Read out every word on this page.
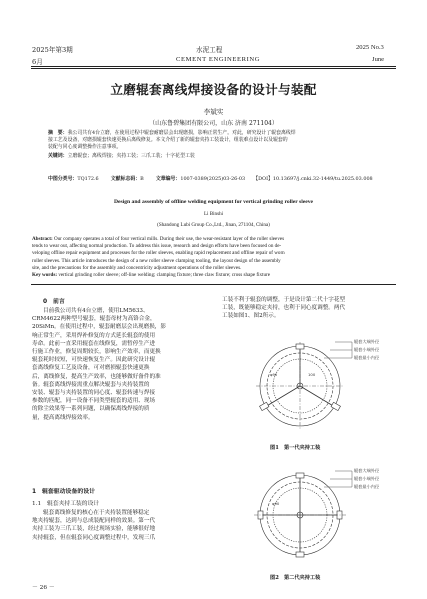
2025年第3期
6月
水泥工程
CEMENT ENGINEERING
2025 No.3
June
立磨辊套离线焊接设备的设计与装配
李斌实
（山东鲁碧集团有限公司，山东 济南 271104）
摘　要：我公司共有4台立磨，在使用过程中辊套耐磨层会出现磨损，影响正常生产。对此，研究设计了辊套离线焊
接工艺及设备，对磨损辊套快速更换后离线修复。本文介绍了新的辊套夹持工装设计，组装难点设计以及辊套的
装配与同心度调整操作注意事项。
关键词：立磨辊套；离线焊接；夹持工装；三爪工装；十字花型工装
中图分类号：TQ172.6 文献标志码：B 文章编号：1007-0389(2025)03-26-03 【DOI】10.13697/j.cnki.32-1449/tu.2025.03.008
Design and assembly of offline welding equipment for vertical grinding roller sleeve
Li Binshi
(Shandong Lubi Group Co.,Ltd., Jinan, 271104, China)
Abstract: Our company operates a total of four vertical mills. During their use, the wear-resistant layer of the roller sleeves
tends to wear out, affecting normal production. To address this issue, research and design efforts have been focused on de-
veloping offline repair equipment and processes for the roller sleeves, enabling rapid replacement and offline repair of worn
roller sleeves. This article introduces the design of a new roller sleeve clamping tooling, the layout design of the assembly
site, and the precautions for the assembly and concentricity adjustment operations of the roller sleeves.
Key words: vertical grinding roller sleeve; off-line welding; clamping fixture; three claw fixture; cross shape fixture
0　前言
目前我公司共有4台立磨，使用LM5633、
CRM4622两种型号辊套，辊套母材为高铬合金，
20SiMn。在使用过程中，辊套耐磨层会出现磨损，影
响正常生产，采用焊补修复的方式延长辊套的使用
寿命。此前一直采用辊套在线修复，需暂停生产进
行施工作业，修复周期较长，影响生产效率，而更换
辊套耗时较短，可快速恢复生产。因此研究设计辊
套离线修复工艺及设备，可对磨损辊套快速更换
后，离线修复，提高生产效率，也能够做好备件的准
备。辊套离线焊接需重点解决辊套与夹持装置的
安装、辊套与夹持装置的同心度、辊套转速与焊接
参数的匹配，同一设备不同类型辊套的适用、现场
的除尘效果等一系列问题，以确保离线焊接的质
量，提高离线焊接效率。
1　辊套驱动设备的设计
1.1　辊套夹持工装的设计
辊套离线修复的核心在于夹持装置能够稳定
地夹持辊套，达到与总成装配同样的效果。第一代
夹持工装为三爪工装，经过现场实验，能够很好地
夹持辊套，但在辊套同心度调整过程中，发现三爪
－ 26 －
工装不利于辊套的调整，于是设计第二代十字花型
工装，既能够稳定夹持，也利于同心度调整。两代
工装如图1、图2所示。
辊套大端外径
辊套小端外径
辊套最小内径
φ90	100
图1　第一代夹持工装
辊套大端外径
辊套小端外径
辊套最小内径
φ90
图2　第二代夹持工装
